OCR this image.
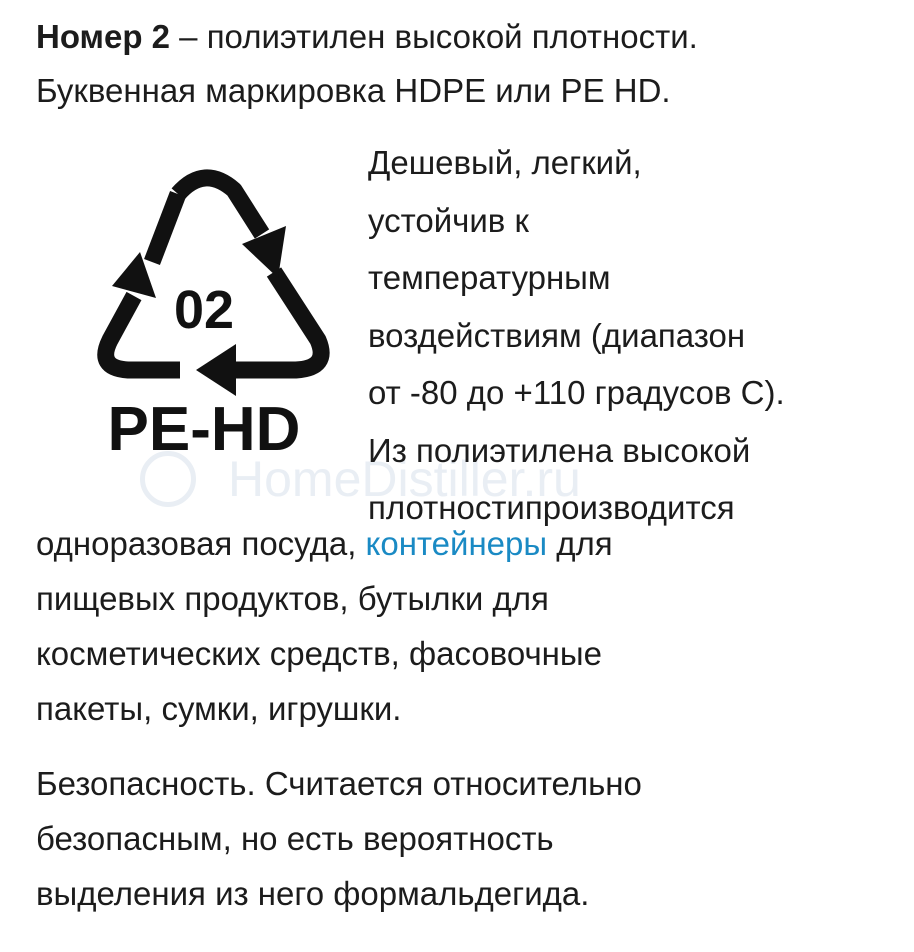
Номер 2 – полиэтилен высокой плотности.
Буквенная маркировка HDPE или PE HD.

HomeDistiller.ru
02
PE-HD

Дешевый, легкий,
устойчив к
температурным
воздействиям (диапазон
от -80 до +110 градусов С).
Из полиэтилена высокой
плотностипроизводится

одноразовая посуда, контейнеры для
пищевых продуктов, бутылки для
косметических средств, фасовочные
пакеты, сумки, игрушки.

Безопасность. Считается относительно
безопасным, но есть вероятность
выделения из него формальдегида.
